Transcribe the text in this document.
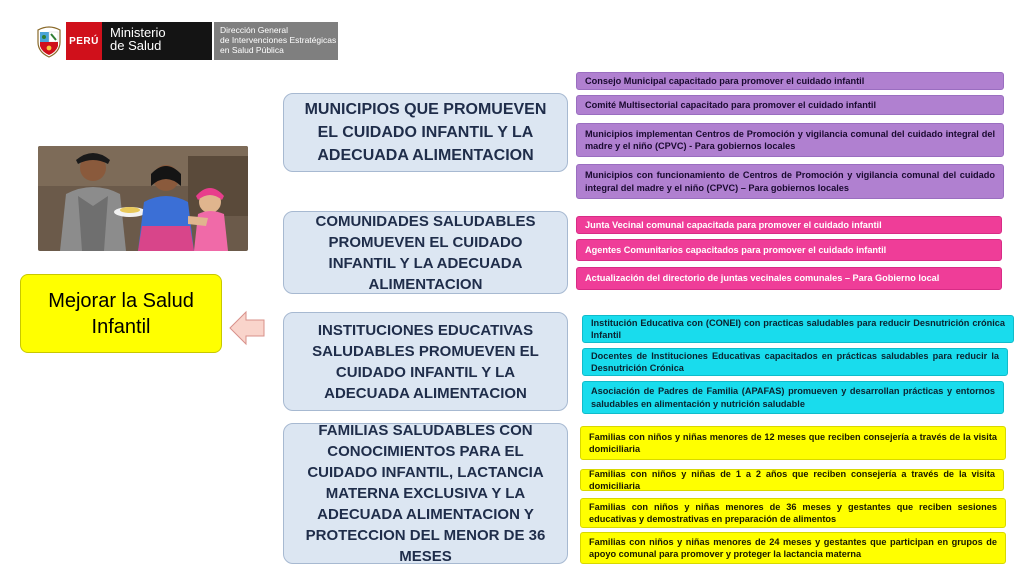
PERÚ
Ministerio
de Salud
Dirección General
de Intervenciones Estratégicas
en Salud Pública
Mejorar la Salud Infantil
MUNICIPIOS QUE PROMUEVEN EL CUIDADO INFANTIL Y LA ADECUADA ALIMENTACION
COMUNIDADES SALUDABLES PROMUEVEN EL CUIDADO INFANTIL Y LA ADECUADA ALIMENTACION
INSTITUCIONES EDUCATIVAS SALUDABLES PROMUEVEN EL CUIDADO INFANTIL Y LA ADECUADA ALIMENTACION
FAMILIAS SALUDABLES CON CONOCIMIENTOS PARA EL CUIDADO INFANTIL, LACTANCIA MATERNA EXCLUSIVA Y LA ADECUADA ALIMENTACION Y PROTECCION DEL MENOR DE 36 MESES
Consejo Municipal capacitado para promover el cuidado infantil
Comité Multisectorial capacitado para promover el cuidado infantil
Municipios implementan Centros de Promoción y vigilancia comunal del cuidado integral del madre y el niño (CPVC) - Para gobiernos locales
Municipios con funcionamiento de Centros de Promoción y vigilancia comunal del cuidado integral del madre y el niño (CPVC) – Para gobiernos locales
Junta Vecinal comunal capacitada para promover el cuidado infantil
Agentes Comunitarios capacitados para promover el cuidado infantil
Actualización del directorio de juntas vecinales comunales – Para Gobierno local
Institución Educativa con (CONEI) con practicas saludables para reducir Desnutrición crónica Infantil
Docentes de Instituciones Educativas capacitados en prácticas saludables para reducir la Desnutrición Crónica
Asociación de Padres de Familia (APAFAS) promueven y desarrollan prácticas y entornos saludables en alimentación y nutrición saludable
Familias con niños y niñas menores de 12 meses que reciben consejería a través de la visita domiciliaria
Familias con niños y niñas de 1 a 2 años que reciben consejería a través de la visita domiciliaria
Familias con niños y niñas menores de 36 meses y gestantes que reciben sesiones educativas y demostrativas en preparación de alimentos
Familias con niños y niñas menores de 24 meses y gestantes que participan en grupos de apoyo comunal para promover y proteger la lactancia materna
